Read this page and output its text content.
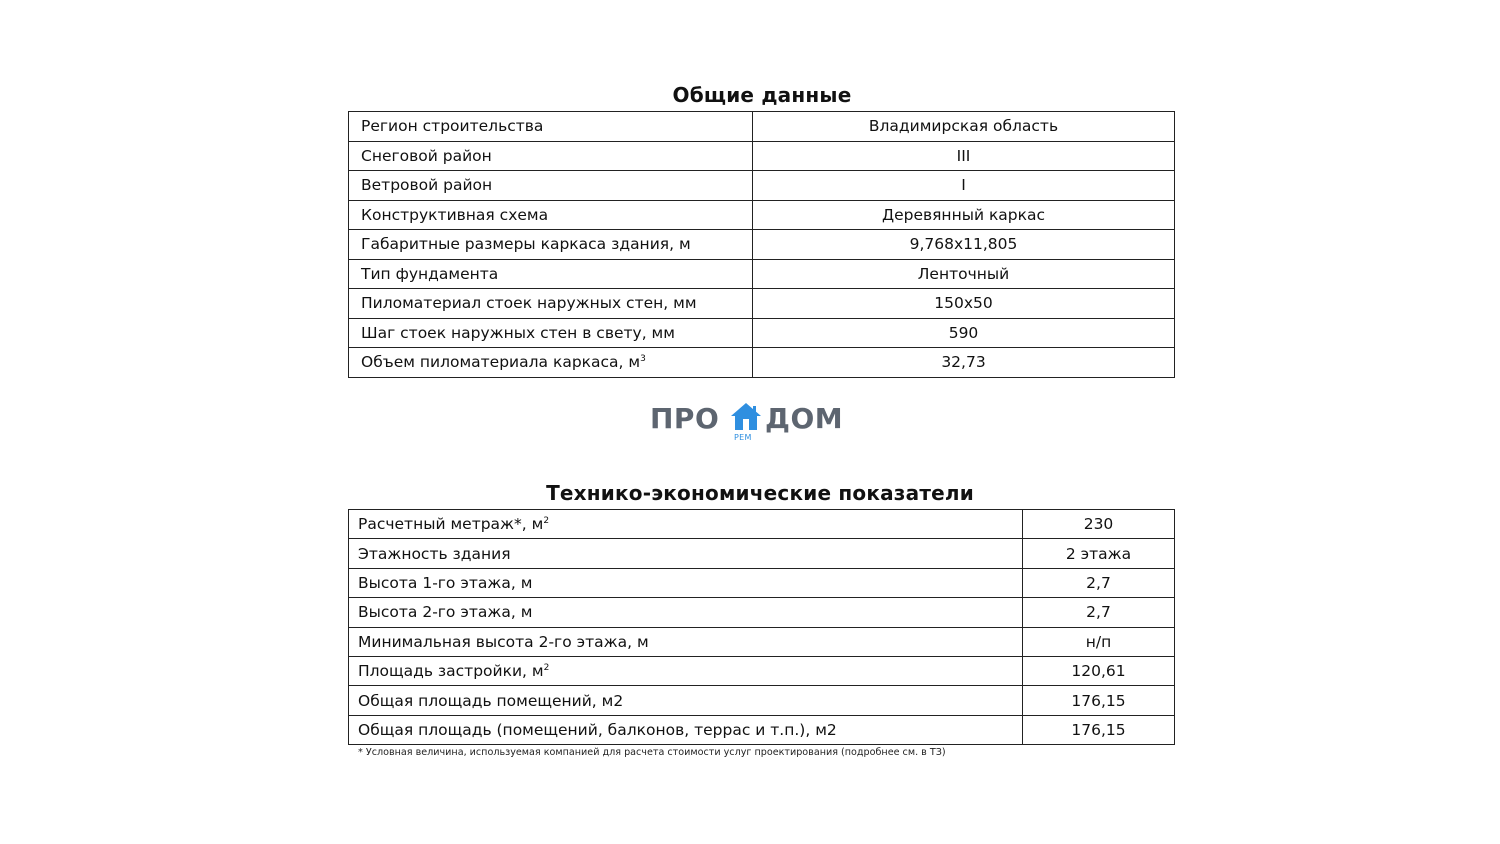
Общие данные
Регион строительства	Владимирская область
Снеговой район	III
Ветровой район	I
Конструктивная схема	Деревянный каркас
Габаритные размеры каркаса здания, м	9,768x11,805
Тип фундамента	Ленточный
Пиломатериал стоек наружных стен, мм	150x50
Шаг стоек наружных стен в свету, мм	590
Объем пиломатериала каркаса, $м^3$	32,73
ПРО
РЕМ
ДОМ
Технико-экономические показатели
Расчетный метраж*, $м^2$	230
Этажность здания	2 этажа
Высота 1-го этажа, м	2,7
Высота 2-го этажа, м	2,7
Минимальная высота 2-го этажа, м	н/п
Площадь застройки, $м^2$	120,61
Общая площадь помещений, м2	176,15
Общая площадь (помещений, балконов, террас и т.п.), м2	176,15
* Условная величина, используемая компанией для расчета стоимости услуг проектирования (подробнее см. в ТЗ)
